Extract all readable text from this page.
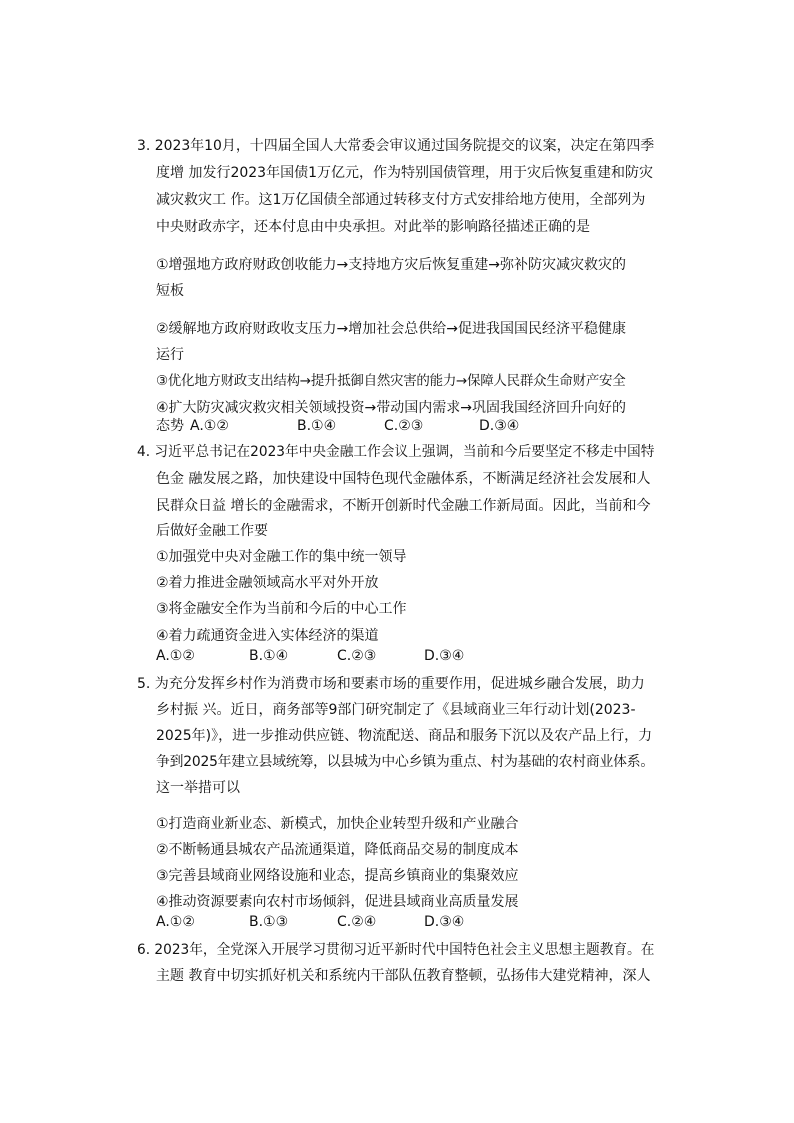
3. 2023年10月，十四届全国人大常委会审议通过国务院提交的议案，决定在第四季
度增 加发行2023年国债1万亿元，作为特别国债管理，用于灾后恢复重建和防灾
减灾救灾工 作。这1万亿国债全部通过转移支付方式安排给地方使用，全部列为
中央财政赤字，还本付息由中央承担。对此举的影响路径描述正确的是
①增强地方政府财政创收能力→支持地方灾后恢复重建→弥补防灾减灾救灾的
短板
②缓解地方政府财政收支压力→增加社会总供给→促进我国国民经济平稳健康
运行
③优化地方财政支出结构→提升抵御自然灾害的能力→保障人民群众生命财产安全
④扩大防灾减灾救灾相关领域投资→带动国内需求→巩固我国经济回升向好的
态势 A.①②	B.①④	C.②③	D.③④
4. 习近平总书记在2023年中央金融工作会议上强调，当前和今后要坚定不移走中国特
色金 融发展之路，加快建设中国特色现代金融体系，不断满足经济社会发展和人
民群众日益 增长的金融需求，不断开创新时代金融工作新局面。因此，当前和今
后做好金融工作要
①加强党中央对金融工作的集中统一领导
②着力推进金融领域高水平对外开放
③将金融安全作为当前和今后的中心工作
④着力疏通资金进入实体经济的渠道
A.①②	B.①④	C.②③	D.③④
5. 为充分发挥乡村作为消费市场和要素市场的重要作用，促进城乡融合发展，助力
乡村振 兴。近日，商务部等9部门研究制定了《县域商业三年行动计划(2023-
2025年)》，进一步推动供应链、物流配送、商品和服务下沉以及农产品上行，力
争到2025年建立县域统筹，以县城为中心乡镇为重点、村为基础的农村商业体系。
这一举措可以
①打造商业新业态、新模式，加快企业转型升级和产业融合
②不断畅通县城农产品流通渠道，降低商品交易的制度成本
③完善县域商业网络设施和业态，提高乡镇商业的集聚效应
④推动资源要素向农村市场倾斜，促进县域商业高质量发展
A.①②	B.①③	C.②④	D.③④
6. 2023年，全党深入开展学习贯彻习近平新时代中国特色社会主义思想主题教育。在
主题 教育中切实抓好机关和系统内干部队伍教育整顿，弘扬伟大建党精神，深人
